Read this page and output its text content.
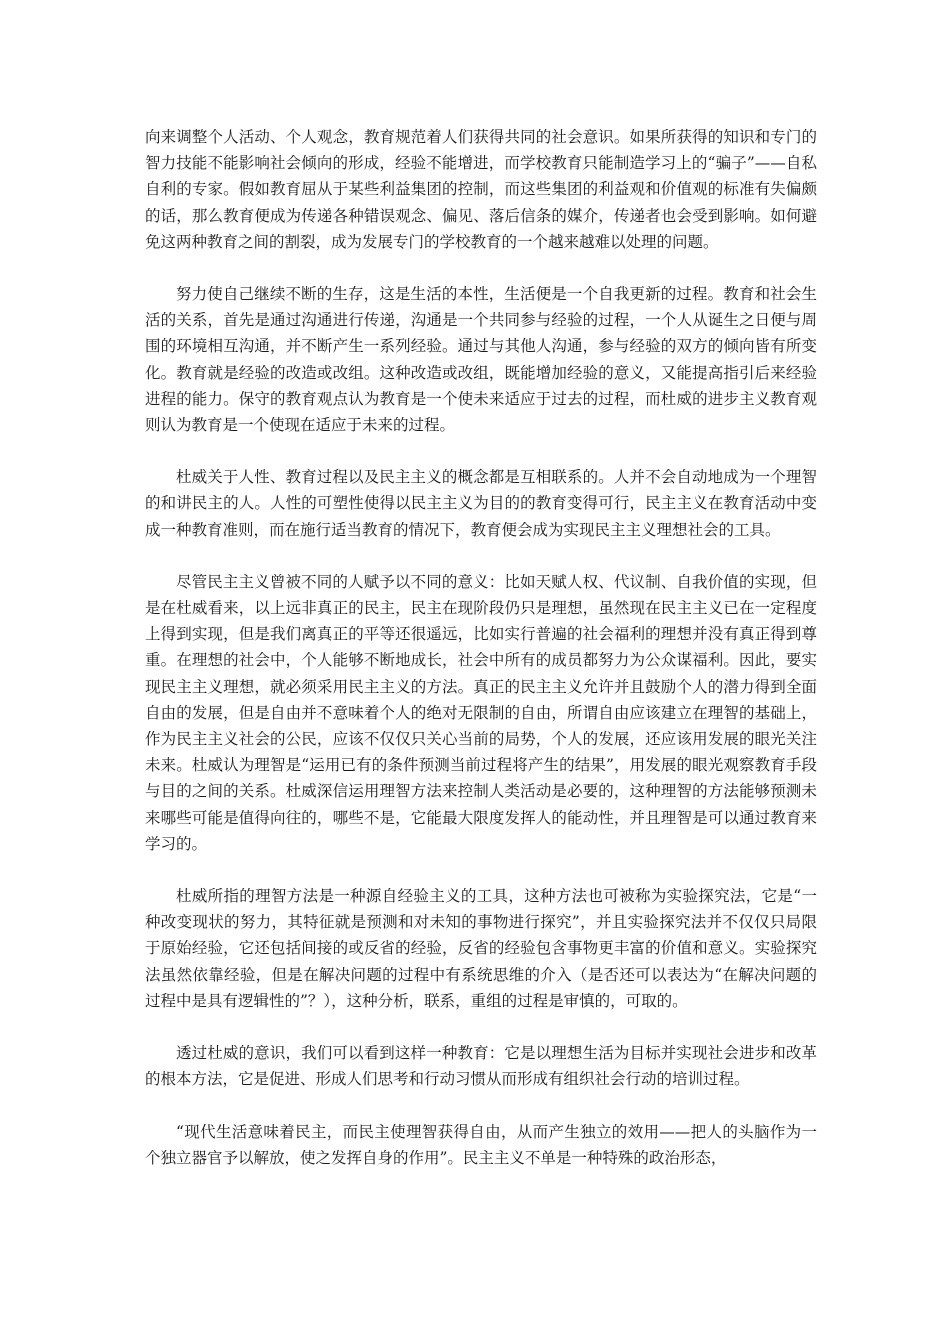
向来调整个人活动、个人观念，教育规范着人们获得共同的社会意识。如果所获得的知识和专门的智力技能不能影响社会倾向的形成，经验不能增进，而学校教育只能制造学习上的“骗子”——自私自利的专家。假如教育屈从于某些利益集团的控制，而这些集团的利益观和价值观的标准有失偏颇的话，那么教育便成为传递各种错误观念、偏见、落后信条的媒介，传递者也会受到影响。如何避免这两种教育之间的割裂，成为发展专门的学校教育的一个越来越难以处理的问题。

努力使自己继续不断的生存，这是生活的本性，生活便是一个自我更新的过程。教育和社会生活的关系，首先是通过沟通进行传递，沟通是一个共同参与经验的过程，一个人从诞生之日便与周围的环境相互沟通，并不断产生一系列经验。通过与其他人沟通，参与经验的双方的倾向皆有所变化。教育就是经验的改造或改组。这种改造或改组，既能增加经验的意义，又能提高指引后来经验进程的能力。保守的教育观点认为教育是一个使未来适应于过去的过程，而杜威的进步主义教育观则认为教育是一个使现在适应于未来的过程。

杜威关于人性、教育过程以及民主主义的概念都是互相联系的。人并不会自动地成为一个理智的和讲民主的人。人性的可塑性使得以民主主义为目的的教育变得可行，民主主义在教育活动中变成一种教育准则，而在施行适当教育的情况下，教育便会成为实现民主主义理想社会的工具。

尽管民主主义曾被不同的人赋予以不同的意义：比如天赋人权、代议制、自我价值的实现，但是在杜威看来，以上远非真正的民主，民主在现阶段仍只是理想，虽然现在民主主义已在一定程度上得到实现，但是我们离真正的平等还很遥远，比如实行普遍的社会福利的理想并没有真正得到尊重。在理想的社会中，个人能够不断地成长，社会中所有的成员都努力为公众谋福利。因此，要实现民主主义理想，就必须采用民主主义的方法。真正的民主主义允许并且鼓励个人的潜力得到全面自由的发展，但是自由并不意味着个人的绝对无限制的自由，所谓自由应该建立在理智的基础上，作为民主主义社会的公民，应该不仅仅只关心当前的局势，个人的发展，还应该用发展的眼光关注未来。杜威认为理智是“运用已有的条件预测当前过程将产生的结果”，用发展的眼光观察教育手段与目的之间的关系。杜威深信运用理智方法来控制人类活动是必要的，这种理智的方法能够预测未来哪些可能是值得向往的，哪些不是，它能最大限度发挥人的能动性，并且理智是可以通过教育来学习的。

杜威所指的理智方法是一种源自经验主义的工具，这种方法也可被称为实验探究法，它是“一种改变现状的努力，其特征就是预测和对未知的事物进行探究”，并且实验探究法并不仅仅只局限于原始经验，它还包括间接的或反省的经验，反省的经验包含事物更丰富的价值和意义。实验探究法虽然依靠经验，但是在解决问题的过程中有系统思维的介入（是否还可以表达为“在解决问题的过程中是具有逻辑性的”？），这种分析，联系，重组的过程是审慎的，可取的。

透过杜威的意识，我们可以看到这样一种教育：它是以理想生活为目标并实现社会进步和改革的根本方法，它是促进、形成人们思考和行动习惯从而形成有组织社会行动的培训过程。

“现代生活意味着民主，而民主使理智获得自由，从而产生独立的效用——把人的头脑作为一个独立器官予以解放，使之发挥自身的作用”。民主主义不单是一种特殊的政治形态，
